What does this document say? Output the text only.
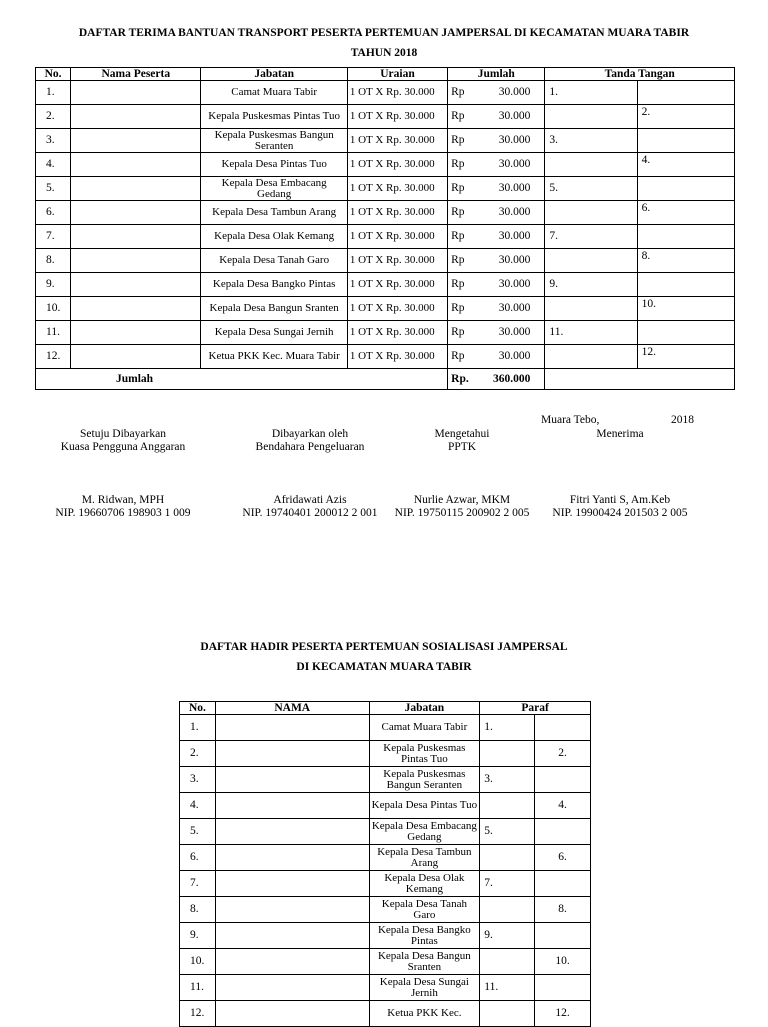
DAFTAR TERIMA BANTUAN TRANSPORT PESERTA PERTEMUAN JAMPERSAL DI KECAMATAN MUARA TABIR
TAHUN 2018
No.	Nama Peserta	Jabatan	Uraian	Jumlah		Tanda Tangan	
1.		Camat Muara Tabir	1 OT X Rp. 30.000	Rp	30.000	1.	
2.		Kepala Puskesmas Pintas Tuo	1 OT X Rp. 30.000	Rp	30.000		2.
3.		Kepala Puskesmas Bangun Seranten	1 OT X Rp. 30.000	Rp	30.000	3.	
4.		Kepala Desa Pintas Tuo	1 OT X Rp. 30.000	Rp	30.000		4.
5.		Kepala Desa Embacang Gedang	1 OT X Rp. 30.000	Rp	30.000	5.	
6.		Kepala Desa Tambun Arang	1 OT X Rp. 30.000	Rp	30.000		6.
7.		Kepala Desa Olak Kemang	1 OT X Rp. 30.000	Rp	30.000	7.	
8.		Kepala Desa Tanah Garo	1 OT X Rp. 30.000	Rp	30.000		8.
9.		Kepala Desa Bangko Pintas	1 OT X Rp. 30.000	Rp	30.000	9.	
10.		Kepala Desa Bangun Sranten	1 OT X Rp. 30.000	Rp	30.000		10.
11.		Kepala Desa Sungai Jernih	1 OT X Rp. 30.000	Rp	30.000	11.	
12.		Ketua PKK Kec. Muara Tabir	1 OT X Rp. 30.000	Rp	30.000		12.
Jumlah				Rp.	360.000		
Muara Tebo,	2018
Setuju Dibayarkan
Kuasa Pengguna Anggaran
Dibayarkan oleh
Bendahara Pengeluaran
Mengetahui
PPTK
Menerima
M. Ridwan, MPH
NIP. 19660706 198903 1 009
Afridawati Azis
NIP. 19740401 200012 2 001
Nurlie Azwar, MKM
NIP. 19750115 200902 2 005
Fitri Yanti S, Am.Keb
NIP. 19900424 201503 2 005
DAFTAR HADIR PESERTA PERTEMUAN SOSIALISASI JAMPERSAL
DI KECAMATAN MUARA TABIR
No.	NAMA	Jabatan	Paraf	
1.		Camat Muara Tabir	1.	
2.		Kepala Puskesmas Pintas Tuo		2.
3.		Kepala Puskesmas Bangun Seranten	3.	
4.		Kepala Desa Pintas Tuo		4.
5.		Kepala Desa Embacang Gedang	5.	
6.		Kepala Desa Tambun Arang		6.
7.		Kepala Desa Olak Kemang	7.	
8.		Kepala Desa Tanah Garo		8.
9.		Kepala Desa Bangko Pintas	9.	
10.		Kepala Desa Bangun Sranten		10.
11.		Kepala Desa Sungai Jernih	11.	
12.		Ketua PKK Kec.		12.
